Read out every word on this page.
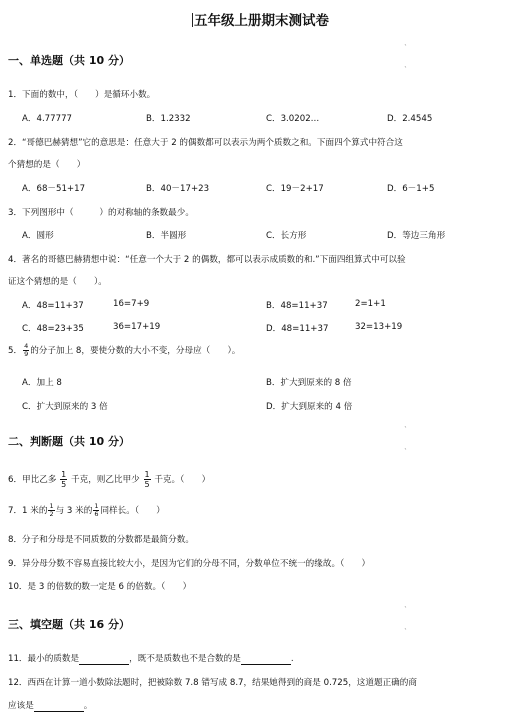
五年级上册期末测试卷
ˎ
ˎ
ˎ
ˎ
ˎ
ˎ
一、单选题（共 10 分）
1．下面的数中，（　　）是循环小数。
A．4.77777	B．1.2332	C．3.0202…	D．2.4545
2．“哥德巴赫猜想”它的意思是：任意大于 2 的偶数都可以表示为两个质数之和。下面四个算式中符合这
个猜想的是（　　）
A．68－51+17	B．40－17+23	C．19－2+17	D．6－1+5
3．下列图形中（　　　）的对称轴的条数最少。
A．圆形	B．半圆形	C．长方形	D．等边三角形
4．著名的哥德巴赫猜想中说：“任意一个大于 2 的偶数，都可以表示成质数的和.”下面四组算式中可以验
证这个猜想的是（　　）。
A．48=11+37	16=7+9	B．48=11+37	2=1+1
C．48=23+35	36=17+19	D．48=11+37	32=13+19
5． $\frac{4}{9}$ 的分子加上 8，要使分数的大小不变，分母应（　　）。
A．加上 8	B．扩大到原来的 8 倍
C．扩大到原来的 3 倍	D．扩大到原来的 4 倍
二、判断题（共 10 分）
6．甲比乙多 $\frac{1}{5}$ 千克，则乙比甲少 $\frac{1}{5}$ 千克。（　　）
7．1 米的 $\frac{1}{2}$ 与 3 米的 $\frac{1}{6}$ 同样长。（　　）
8．分子和分母是不同质数的分数都是最简分数。
9．异分母分数不容易直接比较大小，是因为它们的分母不同，分数单位不统一的缘故。（　　）
10．是 3 的倍数的数一定是 6 的倍数。（　　）
三、填空题（共 16 分）
11．最小的质数是	，既不是质数也不是合数的是	.
12．西西在计算一道小数除法题时，把被除数 7.8 错写成 8.7，结果她得到的商是 0.725，这道题正确的商
应该是	。
